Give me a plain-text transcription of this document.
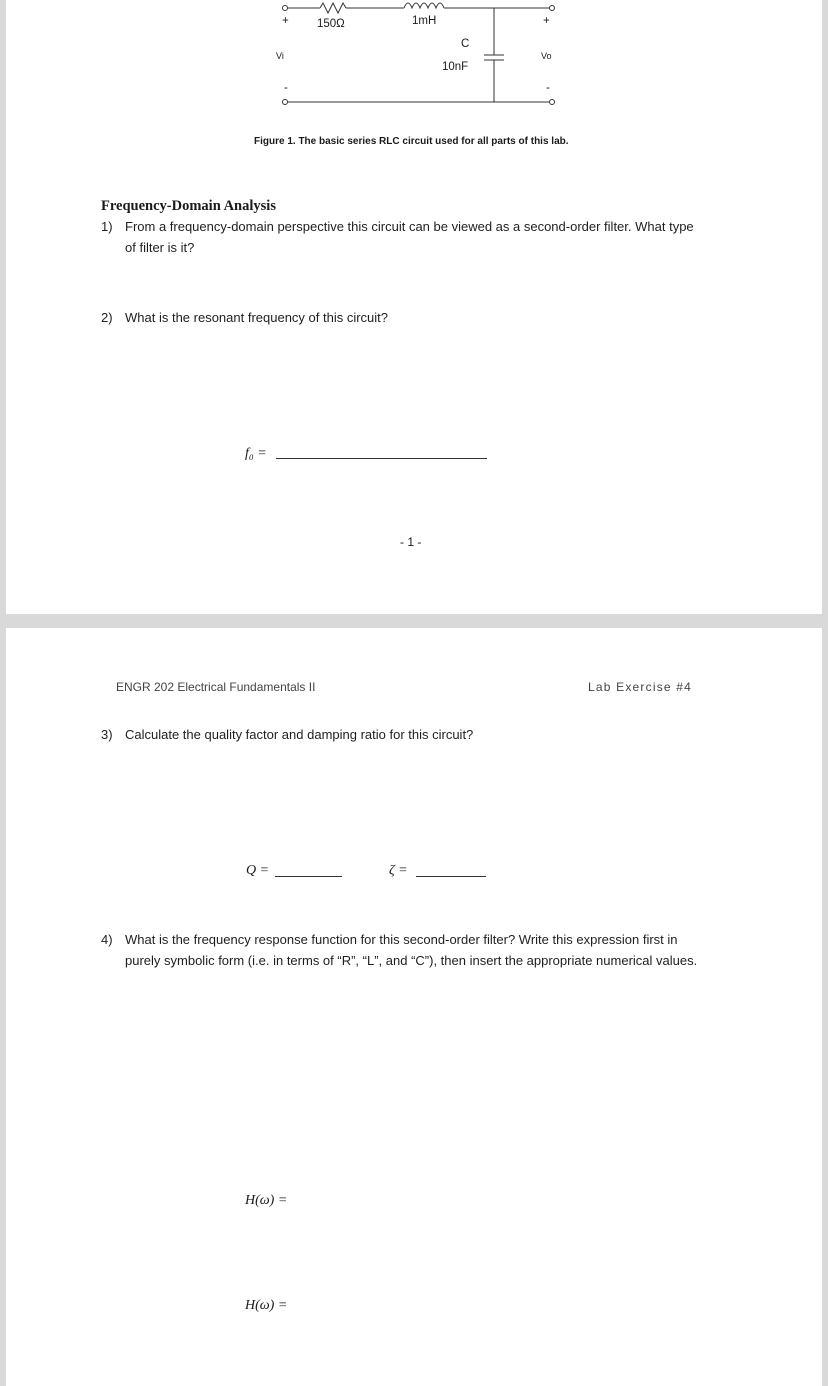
+ 150Ω	1mH	+
C
Vi	Vo
10nF
-	-
Figure 1. The basic series RLC circuit used for all parts of this lab.
Frequency-Domain Analysis
1) From a frequency-domain perspective this circuit can be viewed as a second-order filter. What type
of filter is it?
2) What is the resonant frequency of this circuit?
f₀ =
- 1 -
ENGR 202 Electrical Fundamentals II	Lab Exercise #4
3) Calculate the quality factor and damping ratio for this circuit?
Q =	ζ =
4) What is the frequency response function for this second-order filter? Write this expression first in
purely symbolic form (i.e. in terms of “R”, “L”, and “C”), then insert the appropriate numerical values.
H(ω) =
H(ω) =
